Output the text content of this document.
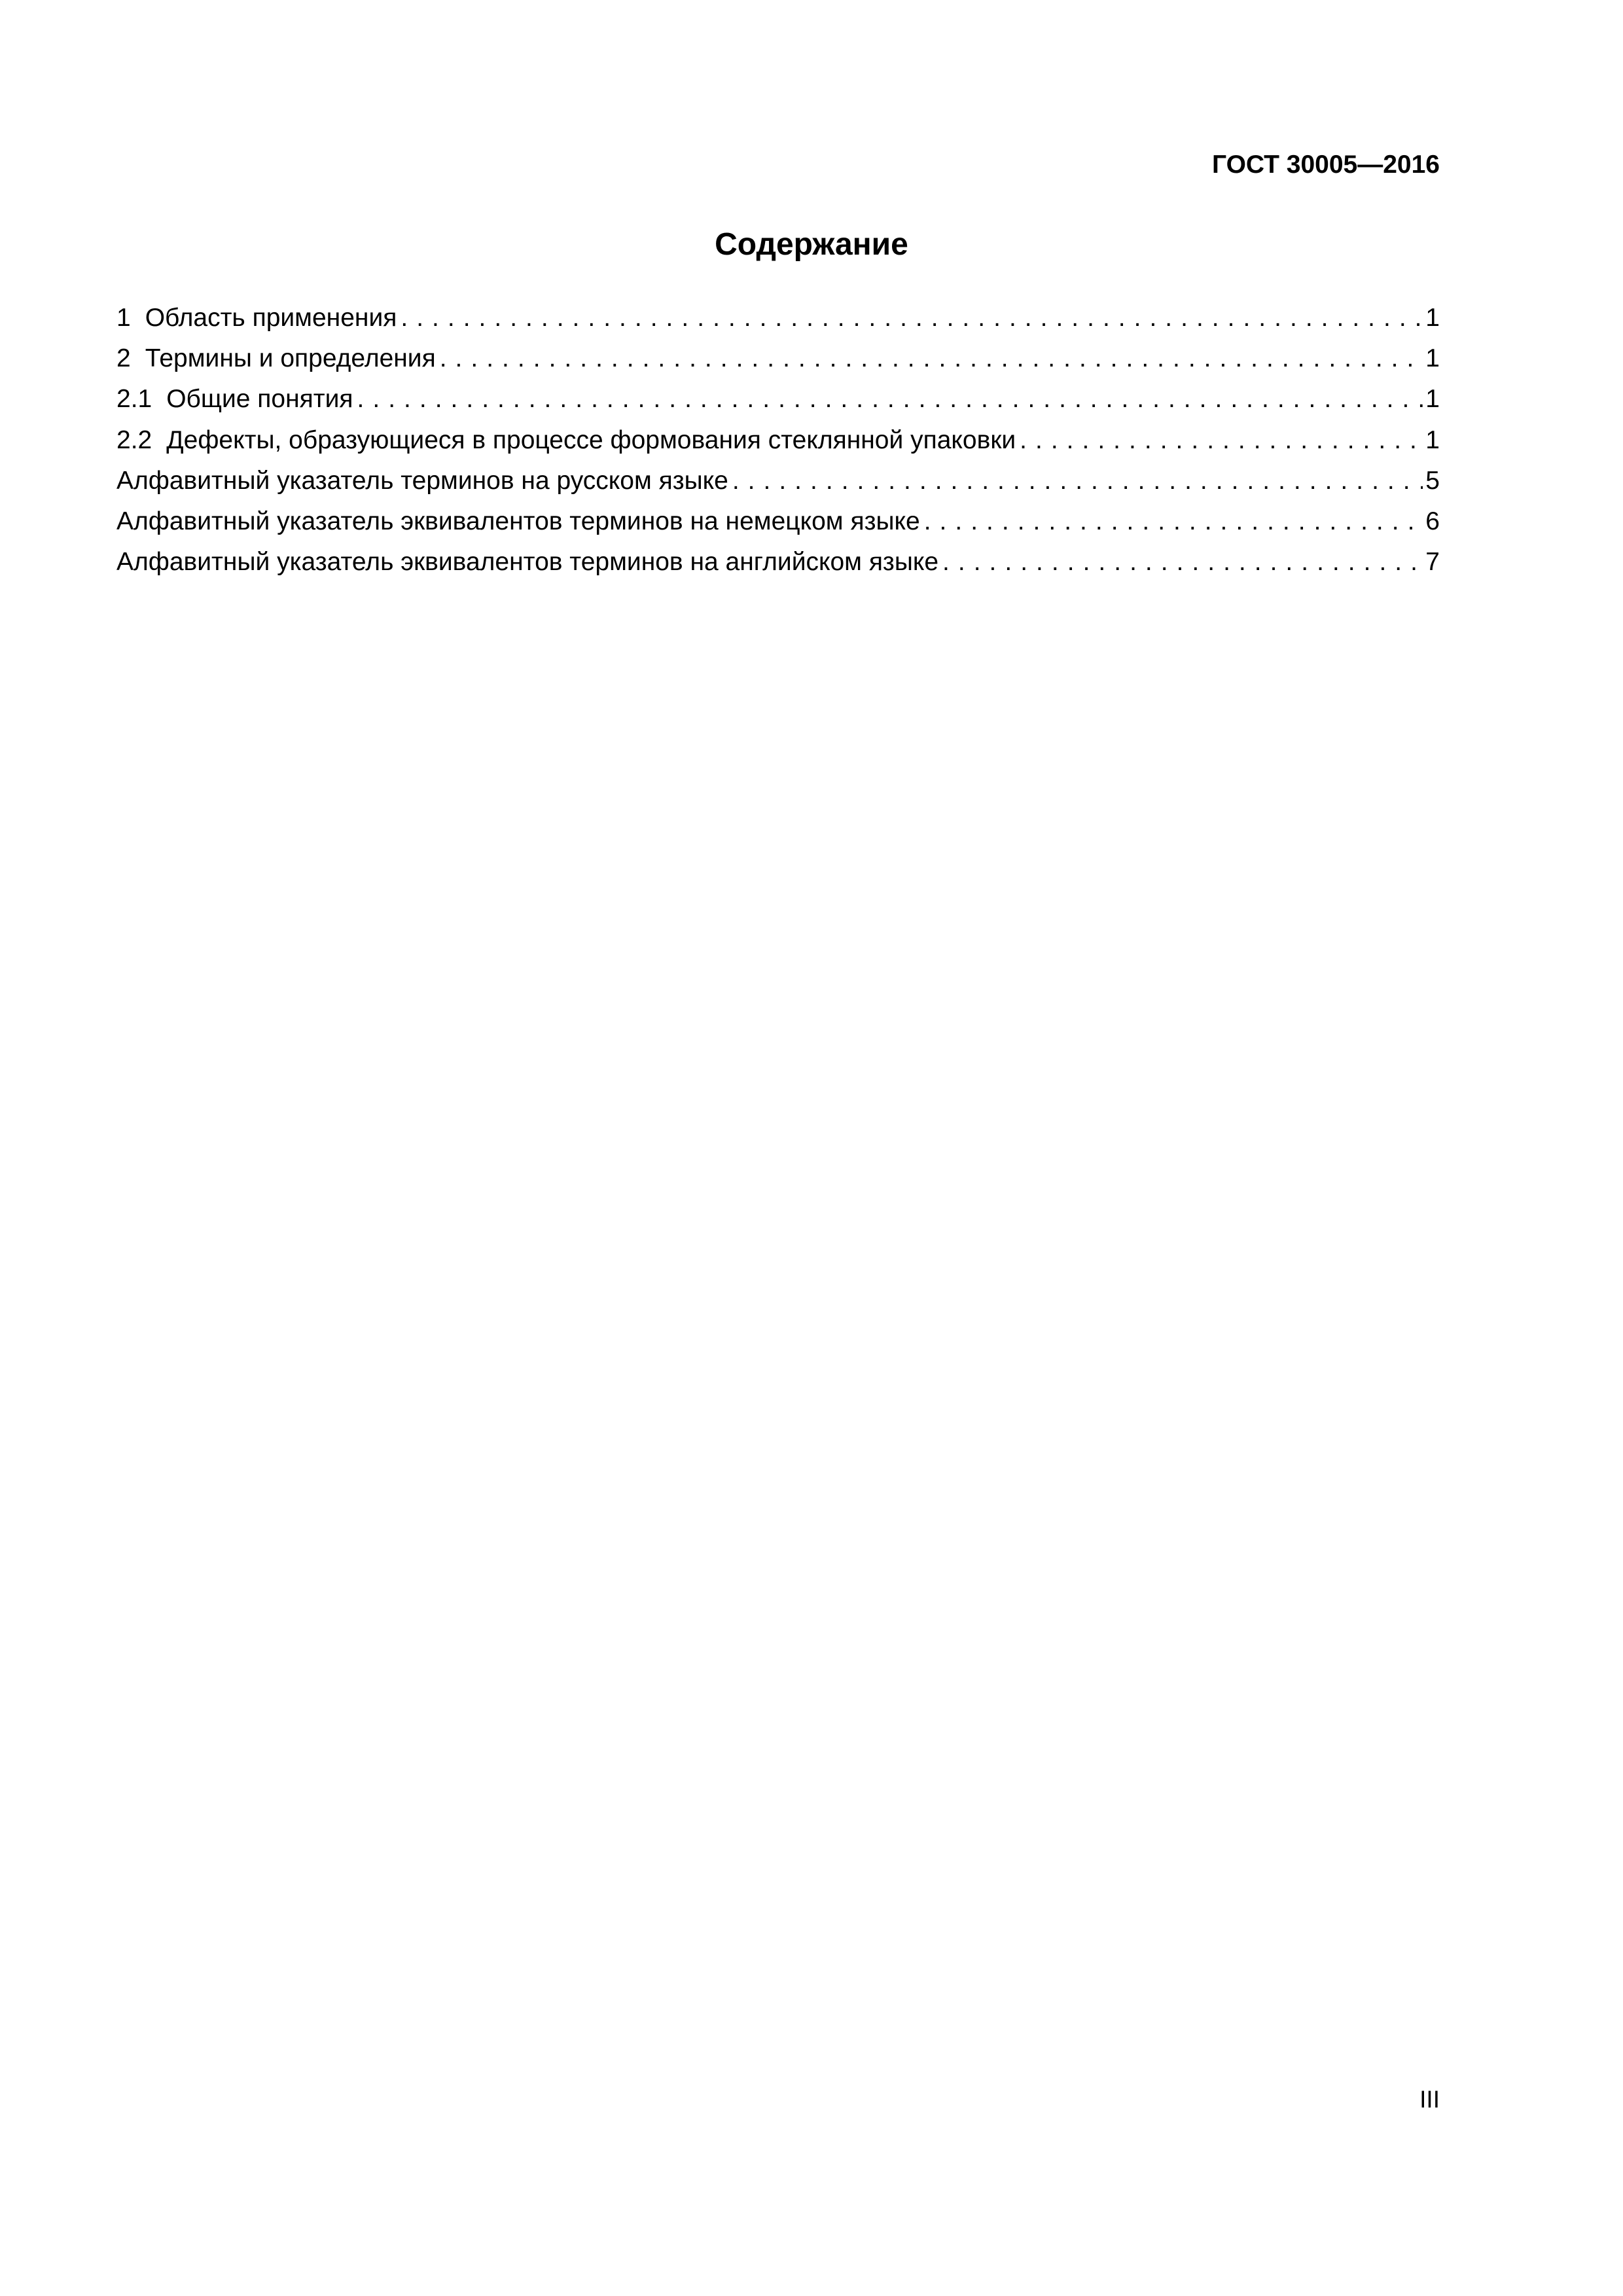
ГОСТ 30005—2016
Содержание
1 Область применения .....	1
2 Термины и определения .....	1
2.1 Общие понятия .....	1
2.2 Дефекты, образующиеся в процессе формования стеклянной упаковки .....	1
Алфавитный указатель терминов на русском языке .....	5
Алфавитный указатель эквивалентов терминов на немецком языке .....	6
Алфавитный указатель эквивалентов терминов на английском языке .....	7
III
